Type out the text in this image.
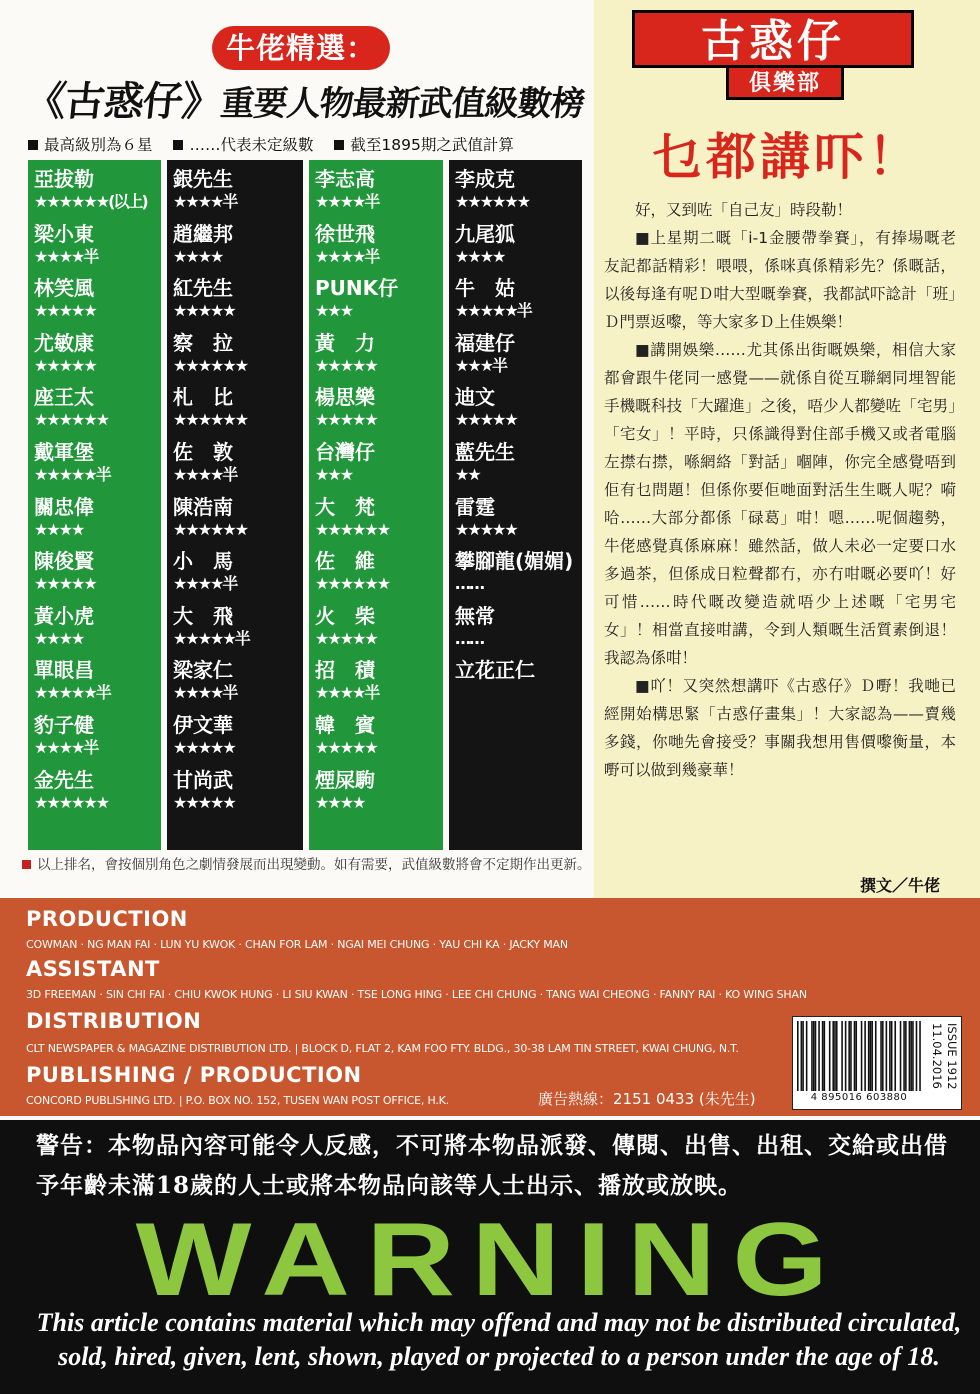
牛佬精選：
《古惑仔》重要人物最新武值級數榜
最高級別為６星 ……代表未定級數 截至1895期之武值計算
亞拔勒
★★★★★★(以上)
梁小東
★★★★半
林笑風
★★★★★
尤敏康
★★★★★
座王太
★★★★★★
戴軍堡
★★★★★半
關忠偉
★★★★
陳俊賢
★★★★★
黃小虎
★★★★
單眼昌
★★★★★半
豹子健
★★★★半
金先生
★★★★★★
銀先生
★★★★半
趙繼邦
★★★★
紅先生
★★★★★
察　拉
★★★★★★
札　比
★★★★★★
佐　敦
★★★★半
陳浩南
★★★★★★
小　馬
★★★★半
大　飛
★★★★★半
梁家仁
★★★★半
伊文華
★★★★★
甘尚武
★★★★★
李志高
★★★★半
徐世飛
★★★★半
PUNK仔
★★★
黃　力
★★★★★
楊思樂
★★★★★
台灣仔
★★★
大　梵
★★★★★★
佐　維
★★★★★★
火　柴
★★★★★
招　積
★★★★半
韓　賓
★★★★★
煙屎駒
★★★★
李成克
★★★★★★
九尾狐
★★★★
牛　姑
★★★★★半
福建仔
★★★半
迪文
★★★★★
藍先生
★★
雷霆
★★★★★
攀腳龍(媚媚)
……
無常
……
立花正仁
以上排名，會按個別角色之劇情發展而出現變動。如有需要，武值級數將會不定期作出更新。
古惑仔
俱樂部
乜都講吓！

好，又到咗「自己友」時段勒！

■上星期二嘅「i-1金腰帶拳賽」，有捧場嘅老友記都話精彩！喂喂，係咪真係精彩先？係嘅話，以後每逢有呢Ｄ咁大型嘅拳賽，我都試吓諗計「班」Ｄ門票返嚟，等大家多Ｄ上佳娛樂！

■講開娛樂……尤其係出街嘅娛樂，相信大家都會跟牛佬同一感覺——就係自從互聯網同埋智能手機嘅科技「大躍進」之後，唔少人都變咗「宅男」「宅女」！平時，只係識得對住部手機又或者電腦左㩒右㩒，喺網絡「對話」嗰陣，你完全感覺唔到佢有乜問題！但係你要佢哋面對活生生嘅人呢？嗬哈……大部分都係「碌葛」咁！嗯……呢個趨勢，牛佬感覺真係麻麻！雖然話，做人未必一定要口水多過茶，但係成日粒聲都冇，亦冇咁嘅必要吖！好可惜……時代嘅改變造就唔少上述嘅「宅男宅女」！相當直接咁講，令到人類嘅生活質素倒退！我認為係咁！

■吖！又突然想講吓《古惑仔》Ｄ嘢！我哋已經開始構思緊「古惑仔畫集」！大家認為——賣幾多錢，你哋先會接受？事關我想用售價嚟衡量，本嘢可以做到幾豪華！

撰文／牛佬
PRODUCTION
COWMAN · NG MAN FAI · LUN YU KWOK · CHAN FOR LAM · NGAI MEI CHUNG · YAU CHI KA · JACKY MAN
ASSISTANT
3D FREEMAN · SIN CHI FAI · CHIU KWOK HUNG · LI SIU KWAN · TSE LONG HING · LEE CHI CHUNG · TANG WAI CHEONG · FANNY RAI · KO WING SHAN
DISTRIBUTION
CLT NEWSPAPER & MAGAZINE DISTRIBUTION LTD. | BLOCK D, FLAT 2, KAM FOO FTY. BLDG., 30-38 LAM TIN STREET, KWAI CHUNG, N.T.
PUBLISHING / PRODUCTION
CONCORD PUBLISHING LTD. | P.O. BOX NO. 152, TUSEN WAN POST OFFICE, H.K.	廣告熱線：2151 0433 (朱先生)	4 895016 603880
ISSUE 1912
11.04.2016
警告：本物品內容可能令人反感，不可將本物品派發、傳閱、出售、出租、交給或出借予年齡未滿18歲的人士或將本物品向該等人士出示、播放或放映。
WARNING
This article contains material which may offend and may not be distributed circulated, sold, hired, given, lent, shown, played or projected to a person under the age of 18.
